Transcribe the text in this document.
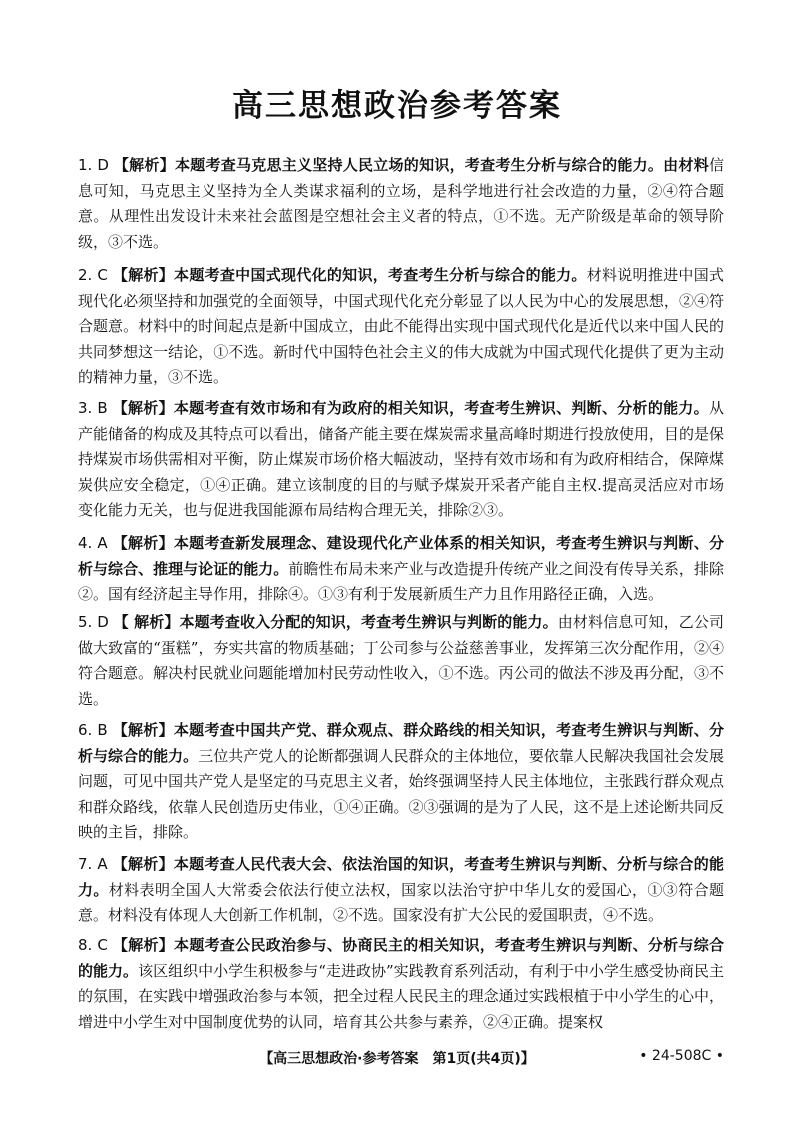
高三思想政治参考答案

1. D 【解析】本题考查马克思主义坚持人民立场的知识，考查考生分析与综合的能力。由材料信息可知，马克思主义坚持为全人类谋求福利的立场，是科学地进行社会改造的力量，②④符合题意。从理性出发设计未来社会蓝图是空想社会主义者的特点，①不选。无产阶级是革命的领导阶级，③不选。

2. C 【解析】本题考查中国式现代化的知识，考查考生分析与综合的能力。材料说明推进中国式现代化必须坚持和加强党的全面领导，中国式现代化充分彰显了以人民为中心的发展思想，②④符合题意。材料中的时间起点是新中国成立，由此不能得出实现中国式现代化是近代以来中国人民的共同梦想这一结论，①不选。新时代中国特色社会主义的伟大成就为中国式现代化提供了更为主动的精神力量，③不选。

3. B 【解析】本题考查有效市场和有为政府的相关知识，考查考生辨识、判断、分析的能力。从产能储备的构成及其特点可以看出，储备产能主要在煤炭需求量高峰时期进行投放使用，目的是保持煤炭市场供需相对平衡，防止煤炭市场价格大幅波动，坚持有效市场和有为政府相结合，保障煤炭供应安全稳定，①④正确。建立该制度的目的与赋予煤炭开采者产能自主权.提高灵活应对市场变化能力无关，也与促进我国能源布局结构合理无关，排除②③。

4. A 【解析】本题考查新发展理念、建设现代化产业体系的相关知识，考查考生辨识与判断、分析与综合、推理与论证的能力。前瞻性布局未来产业与改造提升传统产业之间没有传导关系，排除②。国有经济起主导作用，排除④。①③有利于发展新质生产力且作用路径正确，入选。

5. D 【 解析】本题考查收入分配的知识，考查考生辨识与判断的能力。由材料信息可知，乙公司做大致富的“蛋糕”，夯实共富的物质基础；丁公司参与公益慈善事业，发挥第三次分配作用，②④符合题意。解决村民就业问题能增加村民劳动性收入，①不选。丙公司的做法不涉及再分配，③不选。

6. B 【解析】本题考查中国共产党、群众观点、群众路线的相关知识，考查考生辨识与判断、分析与综合的能力。三位共产党人的论断都强调人民群众的主体地位，要依靠人民解决我国社会发展问题，可见中国共产党人是坚定的马克思主义者，始终强调坚持人民主体地位，主张践行群众观点和群众路线，依靠人民创造历史伟业，①④正确。②③强调的是为了人民，这不是上述论断共同反映的主旨，排除。

7. A 【解析】本题考查人民代表大会、依法治国的知识，考查考生辨识与判断、分析与综合的能力。材料表明全国人大常委会依法行使立法权，国家以法治守护中华儿女的爱国心，①③符合题意。材料没有体现人大创新工作机制，②不选。国家没有扩大公民的爱国职责，④不选。

8. C 【解析】本题考查公民政治参与、协商民主的相关知识，考查考生辨识与判断、分析与综合的能力。该区组织中小学生积极参与“走进政协”实践教育系列活动，有利于中小学生感受协商民主的氛围，在实践中增强政治参与本领，把全过程人民民主的理念通过实践根植于中小学生的心中，增进中小学生对中国制度优势的认同，培育其公共参与素养，②④正确。提案权

【高三思想政治·参考答案　第1页(共4页)】	• 24-508C •
